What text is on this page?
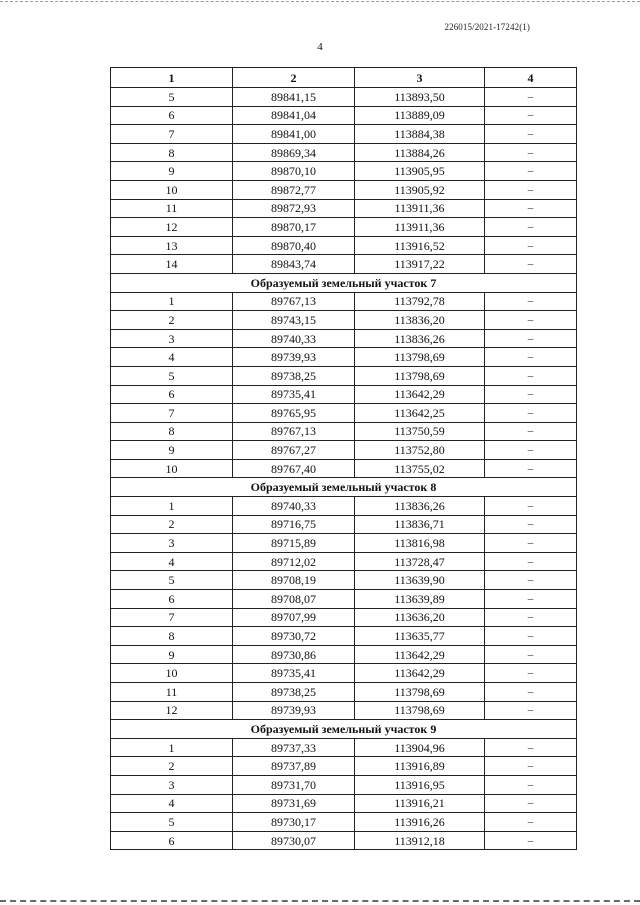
226015/2021-17242(1)
4
1	2	3	4
5	89841,15	113893,50	–
6	89841,04	113889,09	–
7	89841,00	113884,38	–
8	89869,34	113884,26	–
9	89870,10	113905,95	–
10	89872,77	113905,92	–
11	89872,93	113911,36	–
12	89870,17	113911,36	–
13	89870,40	113916,52	–
14	89843,74	113917,22	–
Образуемый земельный участок 7			
1	89767,13	113792,78	–
2	89743,15	113836,20	–
3	89740,33	113836,26	–
4	89739,93	113798,69	–
5	89738,25	113798,69	–
6	89735,41	113642,29	–
7	89765,95	113642,25	–
8	89767,13	113750,59	–
9	89767,27	113752,80	–
10	89767,40	113755,02	–
Образуемый земельный участок 8			
1	89740,33	113836,26	–
2	89716,75	113836,71	–
3	89715,89	113816,98	–
4	89712,02	113728,47	–
5	89708,19	113639,90	–
6	89708,07	113639,89	–
7	89707,99	113636,20	–
8	89730,72	113635,77	–
9	89730,86	113642,29	–
10	89735,41	113642,29	–
11	89738,25	113798,69	–
12	89739,93	113798,69	–
Образуемый земельный участок 9			
1	89737,33	113904,96	–
2	89737,89	113916,89	–
3	89731,70	113916,95	–
4	89731,69	113916,21	–
5	89730,17	113916,26	–
6	89730,07	113912,18	–
